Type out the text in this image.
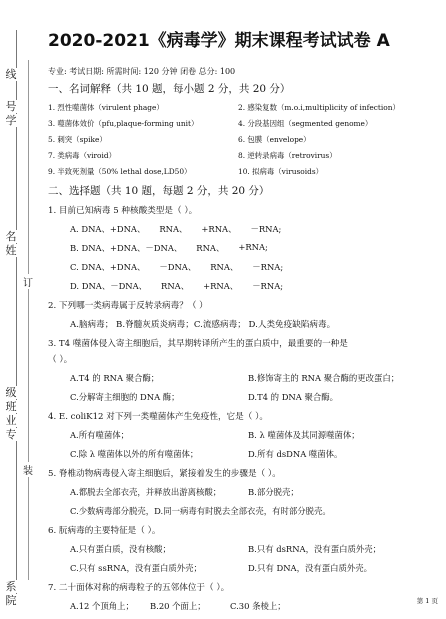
线
号
学
名
姓
订
级
班
业
专
装
系
院
2020-2021《病毒学》期末课程考试试卷 A
专业: 考试日期: 所需时间: 120 分钟 闭卷 总分: 100
一、名词解释（共 10 题，每小题 2 分，共 20 分）
1. 烈性噬菌体（virulent phage）	2. 感染复数（m.o.i,multiplicity of infection）
3. 噬菌体效价（pfu,plaque-forming unit）	4. 分段基因组（segmented genome）
5. 刺突（spike）	6. 包膜（envelope）
7. 类病毒（viroid）	8. 逆转录病毒（retrovirus）
9. 半致死剂量（50% lethal dose,LD50）	10. 拟病毒（virusoids）
二、选择题（共 10 题，每题 2 分，共 20 分）
1. 目前已知病毒 5 种核酸类型是（ ）。
A. DNA、+DNA、 RNA、 +RNA、 －RNA;
B. DNA、+DNA、－DNA、 RNA、 +RNA;
C. DNA、+DNA、 －DNA、 RNA、 －RNA;
D. DNA、－DNA、 RNA、 +RNA、 －RNA;
2. 下列哪一类病毒属于反转录病毒？（ ）
A.脑病毒； B.脊髓灰质炎病毒；C.流感病毒； D.人类免疫缺陷病毒。
3. T4 噬菌体侵入寄主细胞后，其早期转译所产生的蛋白质中，最重要的一种是
（ ）。
A.T4 的 RNA 聚合酶；	B.修饰寄主的 RNA 聚合酶的更改蛋白；
C.分解寄主细胞的 DNA 酶；	D.T4 的 DNA 聚合酶。
4. E. coliK12 对下列一类噬菌体产生免疫性，它是（ ）。
A.所有噬菌体；	B. λ 噬菌体及其同源噬菌体；
C.除 λ 噬菌体以外的所有噬菌体；	D.所有 dsDNA 噬菌体。
5. 脊椎动物病毒侵入寄主细胞后，紧接着发生的步骤是（ ）。
A.都脱去全部衣壳，并释放出游离核酸；	B.部分脱壳；
C.少数病毒部分脱壳，D.同一病毒有时脱去全部衣壳，有时部分脱壳。
6. 朊病毒的主要特征是（ ）。
A.只有蛋白质，没有核酸；	B.只有 dsRNA，没有蛋白质外壳；
C.只有 ssRNA，没有蛋白质外壳；	D.只有 DNA，没有蛋白质外壳。
7. 二十面体对称的病毒粒子的五邻体位于（ ）。
A.12 个顶角上；	B.20 个面上；	C.30 条棱上；	第 1 页
